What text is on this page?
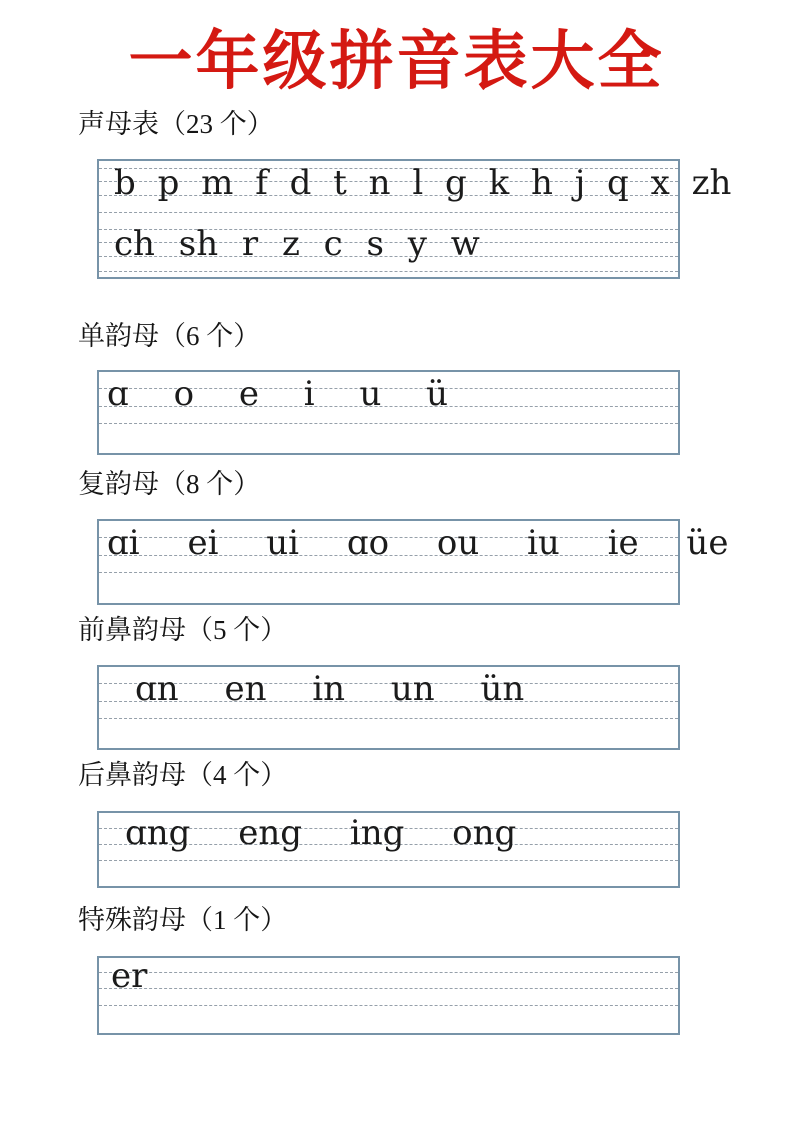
一年级拼音表大全
声母表（23 个）
b p m f d t n l g k h j q x zh
ch sh r z c s y w
单韵母（6 个）
ɑ o e i u ü
复韵母（8 个）
ɑi ei ui ɑo ou iu ie üe
前鼻韵母（5 个）
ɑn en in un ün
后鼻韵母（4 个）
ɑng eng ing ong
特殊韵母（1 个）
er
